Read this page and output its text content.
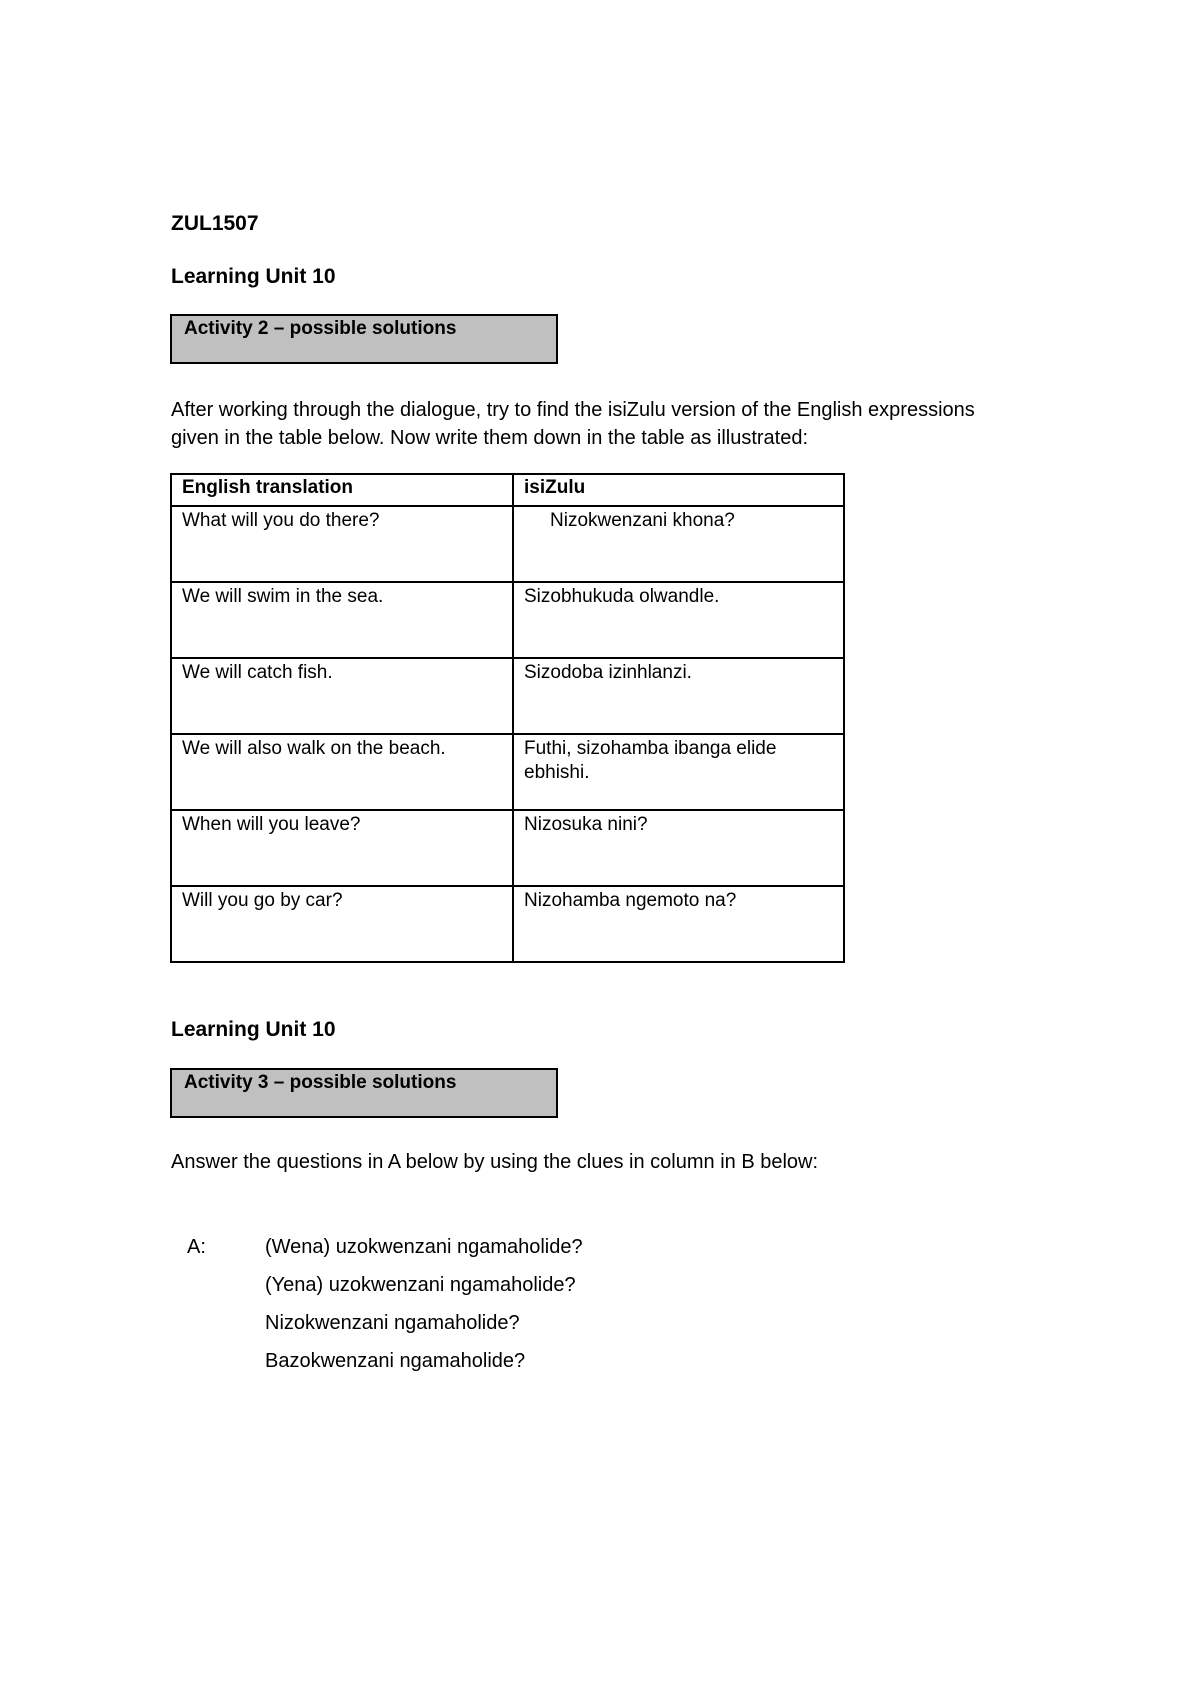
ZUL1507

Learning Unit 10

Activity 2 – possible solutions

After working through the dialogue, try to find the isiZulu version of the English expressions
given in the table below. Now write them down in the table as illustrated:

English translation	isiZulu
What will you do there?	Nizokwenzani khona?
We will swim in the sea.	Sizobhukuda olwandle.
We will catch fish.	Sizodoba izinhlanzi.
We will also walk on the beach.	Futhi, sizohamba ibanga elide ebhishi.
When will you leave?	Nizosuka nini?
Will you go by car?	Nizohamba ngemoto na?

Learning Unit 10

Activity 3 – possible solutions

Answer the questions in A below by using the clues in column in B below:

A:	(Wena) uzokwenzani ngamaholide?
(Yena) uzokwenzani ngamaholide?
Nizokwenzani ngamaholide?
Bazokwenzani ngamaholide?
